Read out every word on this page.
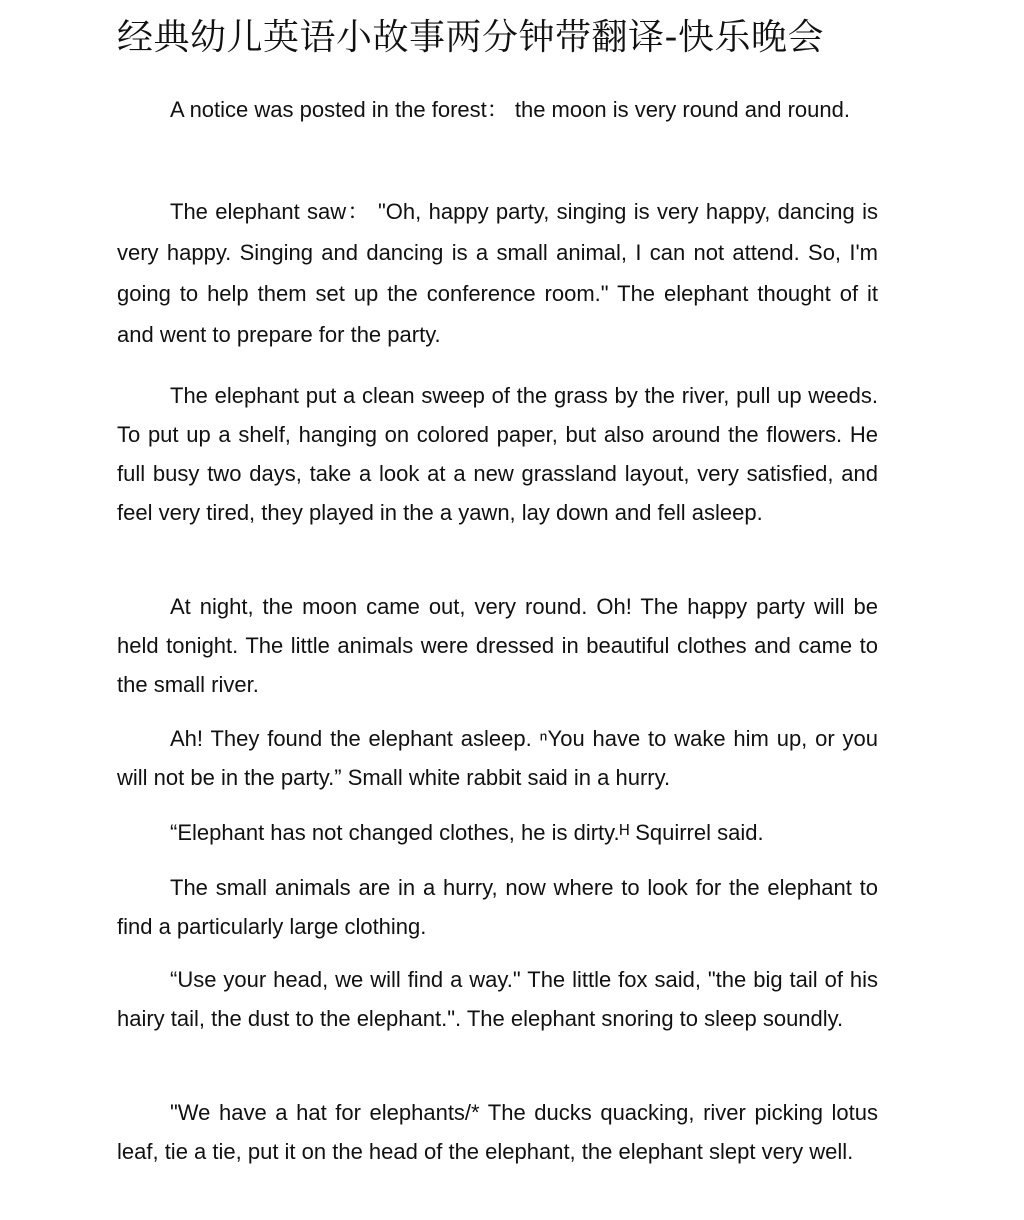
经典幼儿英语小故事两分钟带翻译-快乐晚会

A notice was posted in the forest： the moon is very round and round.

The elephant saw： "Oh, happy party, singing is very happy, dancing is very happy. Singing and dancing is a small animal, I can not attend. So, I'm going to help them set up the conference room." The elephant thought of it and went to prepare for the party.

The elephant put a clean sweep of the grass by the river, pull up weeds. To put up a shelf, hanging on colored paper, but also around the flowers. He full busy two days, take a look at a new grassland layout, very satisfied, and feel very tired, they played in the a yawn, lay down and fell asleep.

At night, the moon came out, very round. Oh! The happy party will be held tonight. The little animals were dressed in beautiful clothes and came to the small river.

Ah! They found the elephant asleep. ⁿYou have to wake him up, or you will not be in the party.” Small white rabbit said in a hurry.

“Elephant has not changed clothes, he is dirty.ᴴ Squirrel said.

The small animals are in a hurry, now where to look for the elephant to find a particularly large clothing.

“Use your head, we will find a way." The little fox said, "the big tail of his hairy tail, the dust to the elephant.". The elephant snoring to sleep soundly.

"We have a hat for elephants/* The ducks quacking, river picking lotus leaf, tie a tie, put it on the head of the elephant, the elephant slept very well.
